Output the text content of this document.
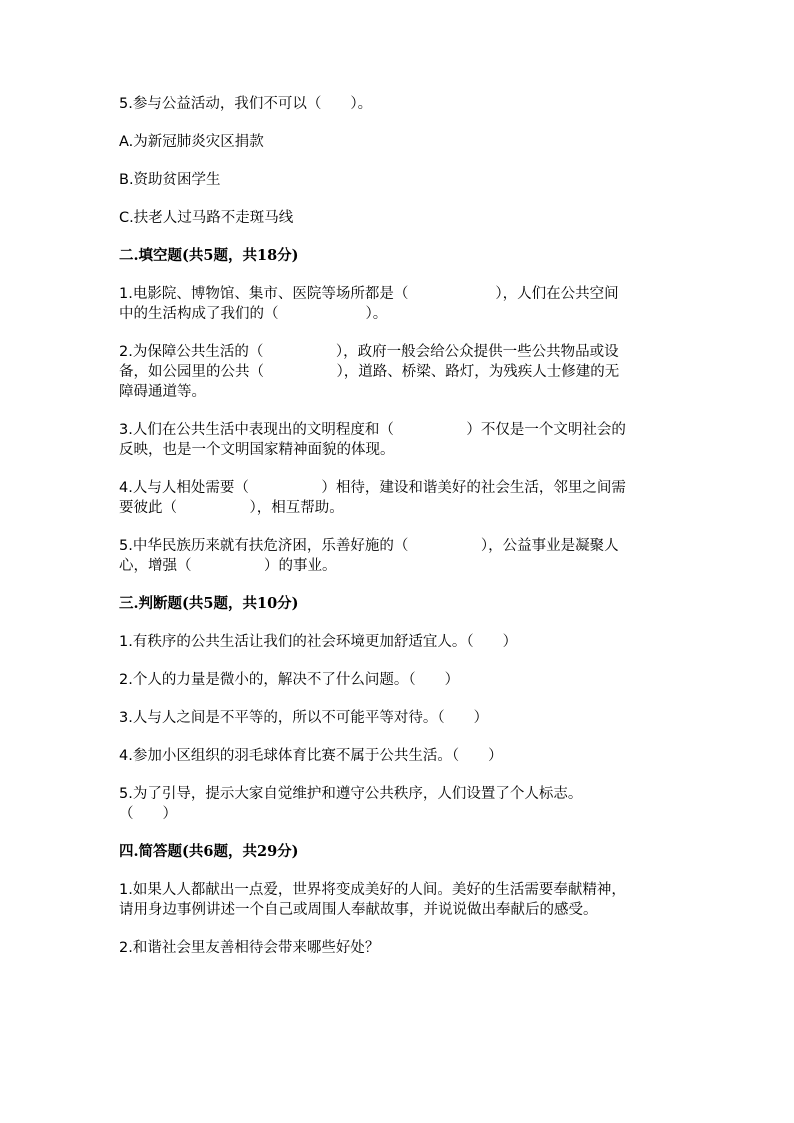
5.参与公益活动，我们不可以（　　）。
A.为新冠肺炎灾区捐款
B.资助贫困学生
C.扶老人过马路不走斑马线
二.填空题(共5题，共18分)
1.电影院、博物馆、集市、医院等场所都是（　　　　　　），人们在公共空间
中的生活构成了我们的（　　　　　　）。
2.为保障公共生活的（　　　　　），政府一般会给公众提供一些公共物品或设
备，如公园里的公共（　　　　　），道路、桥梁、路灯，为残疾人士修建的无
障碍通道等。
3.人们在公共生活中表现出的文明程度和（　　　　　）不仅是一个文明社会的
反映，也是一个文明国家精神面貌的体现。
4.人与人相处需要（　　　　　）相待，建设和谐美好的社会生活，邻里之间需
要彼此（　　　　　），相互帮助。
5.中华民族历来就有扶危济困，乐善好施的（　　　　　），公益事业是凝聚人
心，增强（　　　　　）的事业。
三.判断题(共5题，共10分)
1.有秩序的公共生活让我们的社会环境更加舒适宜人。（　　）
2.个人的力量是微小的，解决不了什么问题。（　　）
3.人与人之间是不平等的，所以不可能平等对待。（　　）
4.参加小区组织的羽毛球体育比赛不属于公共生活。（　　）
5.为了引导，提示大家自觉维护和遵守公共秩序，人们设置了个人标志。
（　　）
四.简答题(共6题，共29分)
1.如果人人都献出一点爱，世界将变成美好的人间。美好的生活需要奉献精神，
请用身边事例讲述一个自己或周围人奉献故事，并说说做出奉献后的感受。
2.和谐社会里友善相待会带来哪些好处？
